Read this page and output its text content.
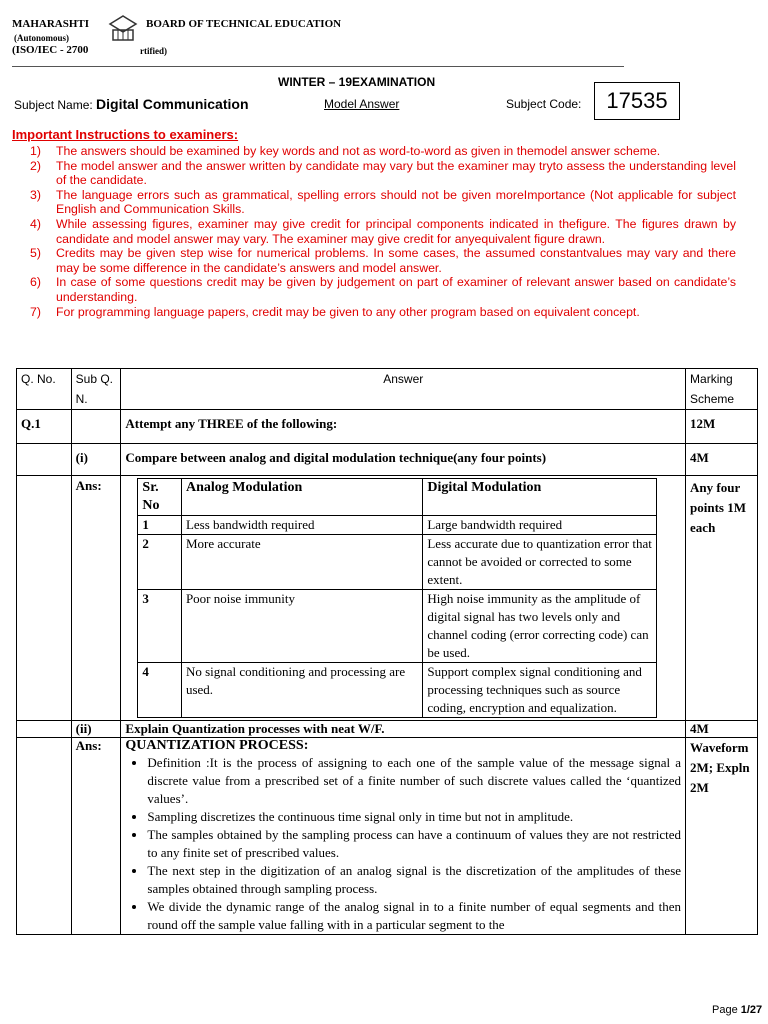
MAHARASHTI	BOARD OF TECHNICAL EDUCATION
(Autonomous)
(ISO/IEC - 2700	rtified)
WINTER – 19EXAMINATION
Subject Name: Digital Communication	Model Answer	Subject Code:	17535
Important Instructions to examiners:
1) The answers should be examined by key words and not as word-to-word as given in themodel answer scheme.
2) The model answer and the answer written by candidate may vary but the examiner may tryto assess the understanding level of the candidate.
3) The language errors such as grammatical, spelling errors should not be given moreImportance (Not applicable for subject English and Communication Skills.
4) While assessing figures, examiner may give credit for principal components indicated in thefigure. The figures drawn by candidate and model answer may vary. The examiner may give credit for anyequivalent figure drawn.
5) Credits may be given step wise for numerical problems. In some cases, the assumed constantvalues may vary and there may be some difference in the candidate’s answers and model answer.
6) In case of some questions credit may be given by judgement on part of examiner of relevant answer based on candidate’s understanding.
7) For programming language papers, credit may be given to any other program based on equivalent concept.
Q. No.	Sub Q. N.	Answer	Marking Scheme
Q.1		Attempt any THREE of the following:	12M
	(i)	Compare between analog and digital modulation technique(any four points)	4M
	Ans:		Sr. No	Analog Modulation	Digital Modulation
1	Less bandwidth required	Large bandwidth required
2	More accurate	Less accurate due to quantization error that cannot be avoided or corrected to some extent.
3	Poor noise immunity	High noise immunity as the amplitude of digital signal has two levels only and channel coding (error correcting code) can be used.
4	No signal conditioning and processing are used.	Support complex signal conditioning and processing techniques such as source coding, encryption and equalization.
	Any four points 1M each
	(ii)	Explain Quantization processes with neat W/F.	4M
	Ans:	QUANTIZATION PROCESS:
• Definition :It is the process of assigning to each one of the sample value of the message signal a discrete value from a prescribed set of a finite number of such discrete values called the ‘quantized values’.
• Sampling discretizes the continuous time signal only in time but not in amplitude.
• The samples obtained by the sampling process can have a continuum of values they are not restricted to any finite set of prescribed values.
• The next step in the digitization of an analog signal is the discretization of the amplitudes of these samples obtained through sampling process.
• We divide the dynamic range of the analog signal in to a finite number of equal segments and then round off the sample value falling with in a particular segment to the
	Waveform 2M; Expln 2M
Page 1/27
